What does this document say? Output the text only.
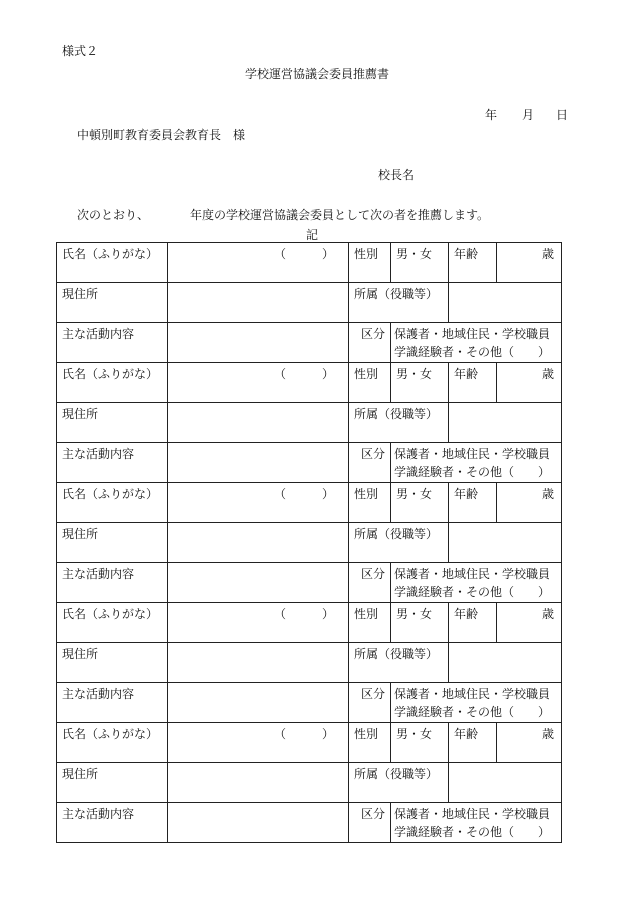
様式２
学校運営協議会委員推薦書
年 月 日
中頓別町教育委員会教育長　様
校長名
次のとおり、	年度の学校運営協議会委員として次の者を推薦します。
記
氏名（ふりがな）	（ ）	性別	男・女	年齢	歳
現住所		所属（役職等）			
主な活動内容		区分	保護者・地域住民・学校職員
学識経験者・その他（　　）		

氏名（ふりがな）	（ ）	性別	男・女	年齢	歳
現住所		所属（役職等）			
主な活動内容		区分	保護者・地域住民・学校職員
学識経験者・その他（　　）		

氏名（ふりがな）	（ ）	性別	男・女	年齢	歳
現住所		所属（役職等）			
主な活動内容		区分	保護者・地域住民・学校職員
学識経験者・その他（　　）		

氏名（ふりがな）	（ ）	性別	男・女	年齢	歳
現住所		所属（役職等）			
主な活動内容		区分	保護者・地域住民・学校職員
学識経験者・その他（　　）		

氏名（ふりがな）	（ ）	性別	男・女	年齢	歳
現住所		所属（役職等）			
主な活動内容		区分	保護者・地域住民・学校職員
学識経験者・その他（　　）		
